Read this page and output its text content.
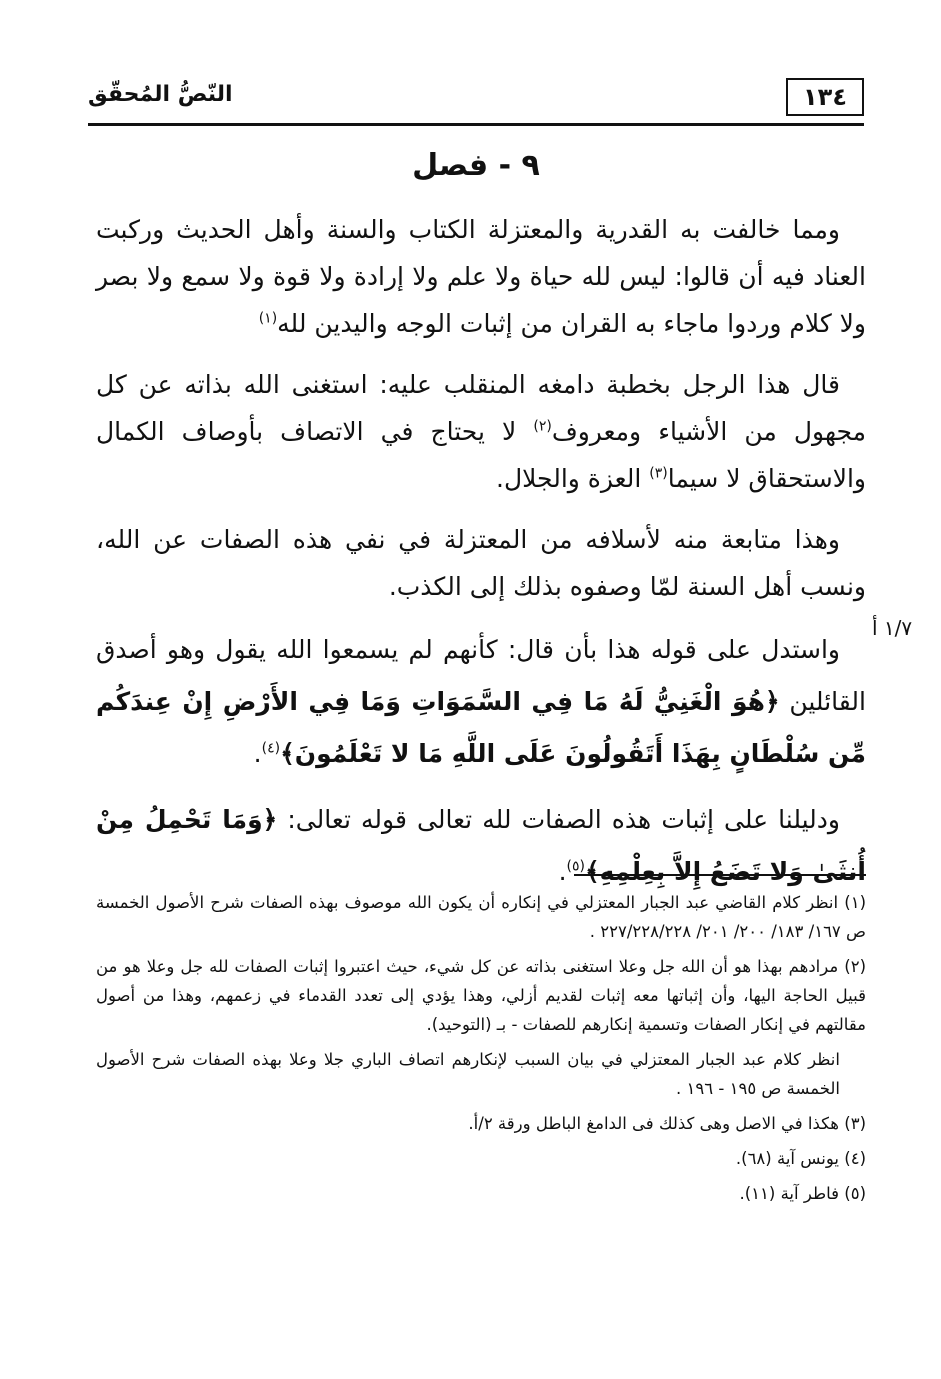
١٣٤
النّصُّ المُحقّق
٩ - فصل
١/٧ أ

ومما خالفت به القدرية والمعتزلة الكتاب والسنة وأهل الحديث وركبت العناد فيه أن قالوا: ليس لله حياة ولا علم ولا إرادة ولا قوة ولا سمع ولا بصر ولا كلام وردوا ماجاء به القران من إثبات الوجه واليدين لله$^{(١)}$

قال هذا الرجل بخطبة دامغه المنقلب عليه: استغنى الله بذاته عن كل مجهول من الأشياء ومعروف$^{(٢)}$ لا يحتاج في الاتصاف بأوصاف الكمال والاستحقاق لا سيما$^{(٣)}$ العزة والجلال.

وهذا متابعة منه لأسلافه من المعتزلة في نفي هذه الصفات عن الله، ونسب أهل السنة لمّا وصفوه بذلك إلى الكذب.

واستدل على قوله هذا بأن قال: كأنهم لم يسمعوا الله يقول وهو أصدق القائلين ﴿هُوَ الْغَنِيُّ لَهُ مَا فِي السَّمَوَاتِ وَمَا فِي الأَرْضِ إِنْ عِندَكُم مِّن سُلْطَانٍ بِهَذَا أَتَقُولُونَ عَلَى اللَّهِ مَا لا تَعْلَمُونَ﴾$^{(٤)}$.

ودليلنا على إثبات هذه الصفات لله تعالى قوله تعالى: ﴿وَمَا تَحْمِلُ مِنْ أُنثَىٰ وَلا تَضَعُ إِلاَّ بِعِلْمِهِ﴾$^{(٥)}$.

(١) انظر كلام القاضي عبد الجبار المعتزلي في إنكاره أن يكون الله موصوف بهذه الصفات شرح الأصول الخمسة ص ١٦٧/ ١٨٣/ ٢٠٠/ ٢٠١/ ٢٢٧/٢٢٨/٢٢٨ .

(٢) مرادهم بهذا هو أن الله جل وعلا استغنى بذاته عن كل شيء، حيث اعتبروا إثبات الصفات لله جل وعلا هو من قبيل الحاجة اليها، وأن إثباتها معه إثبات لقديم أزلي، وهذا يؤدي إلى تعدد القدماء في زعمهم، وهذا من أصول مقالتهم في إنكار الصفات وتسمية إنكارهم للصفات - بـ (التوحيد).

انظر كلام عبد الجبار المعتزلي في بيان السبب لإنكارهم اتصاف الباري جلا وعلا بهذه الصفات شرح الأصول الخمسة ص ١٩٥ - ١٩٦ .

(٣) هكذا في الاصل وهى كذلك فى الدامغ الباطل ورقة ٢/أ.

(٤) يونس آية (٦٨).

(٥) فاطر آية (١١).
